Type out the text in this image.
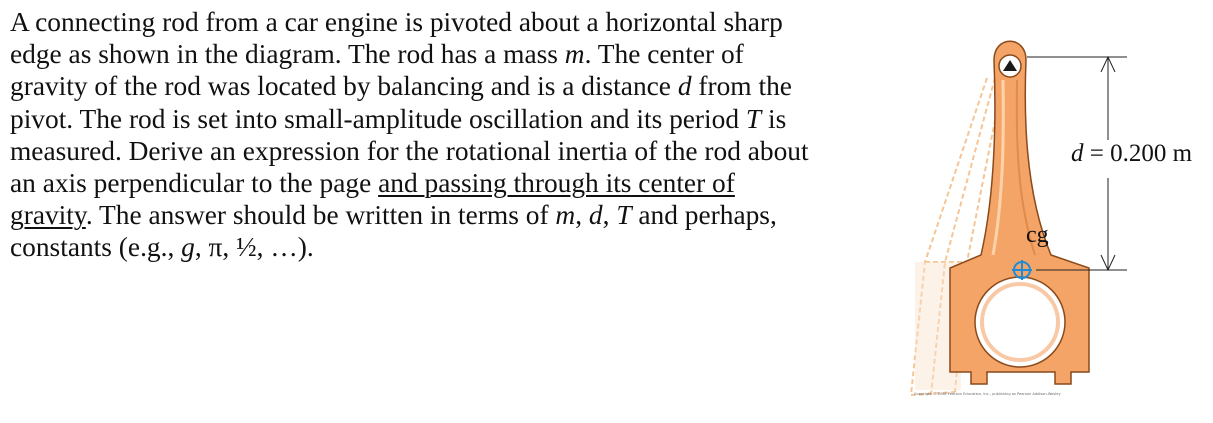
A connecting rod from a car engine is pivoted about a horizontal sharp
edge as shown in the diagram. The rod has a mass m. The center of
gravity of the rod was located by balancing and is a distance d from the
pivot. The rod is set into small-amplitude oscillation and its period T is
measured. Derive an expression for the rotational inertia of the rod about
an axis perpendicular to the page and passing through its center of
gravity. The answer should be written in terms of m, d, T and perhaps,
constants (e.g., g, π, ½, …).
d = 0.200 m
cg
Copyright © 2008 Pearson Education, Inc., publishing as Pearson Addison-Wesley
